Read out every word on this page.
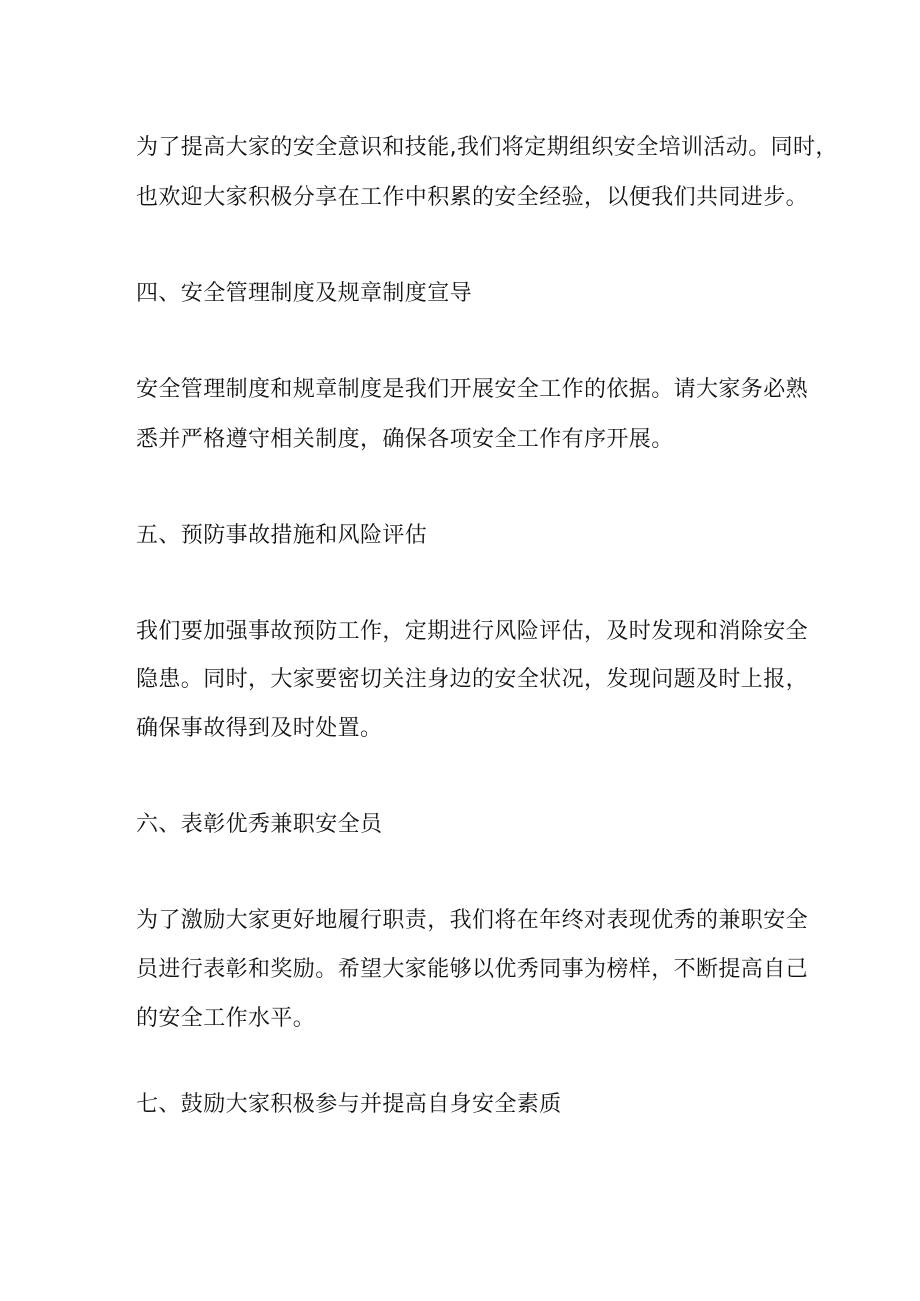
为了提高大家的安全意识和技能,我们将定期组织安全培训活动。同时，
也欢迎大家积极分享在工作中积累的安全经验，以便我们共同进步。
四、安全管理制度及规章制度宣导
安全管理制度和规章制度是我们开展安全工作的依据。请大家务必熟
悉并严格遵守相关制度，确保各项安全工作有序开展。
五、预防事故措施和风险评估
我们要加强事故预防工作，定期进行风险评估，及时发现和消除安全
隐患。同时，大家要密切关注身边的安全状况，发现问题及时上报，
确保事故得到及时处置。
六、表彰优秀兼职安全员
为了激励大家更好地履行职责，我们将在年终对表现优秀的兼职安全
员进行表彰和奖励。希望大家能够以优秀同事为榜样，不断提高自己
的安全工作水平。
七、鼓励大家积极参与并提高自身安全素质
